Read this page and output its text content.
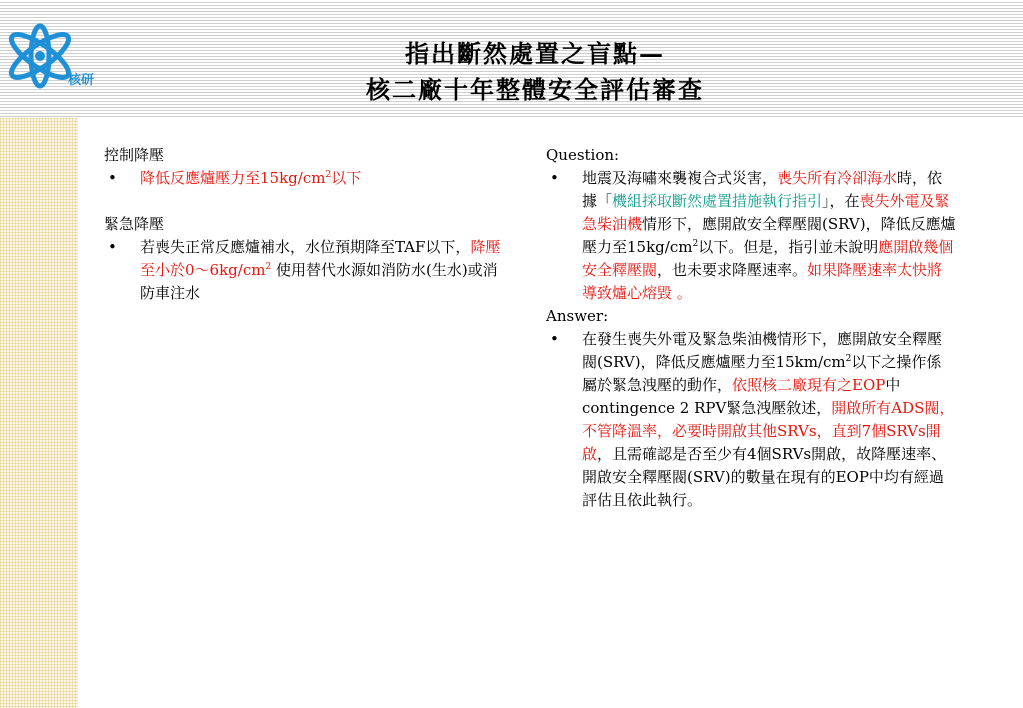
核研
指出斷然處置之盲點—
核二廠十年整體安全評估審查
控制降壓
•	降低反應爐壓力至$15kg/cm^2$以下
緊急降壓
•	若喪失正常反應爐補水，水位預期降至TAF以下，降壓至小於$0\sim 6kg/cm^2$ 使用替代水源如消防水(生水)或消防車注水
Question:
•	地震及海嘯來襲複合式災害，喪失所有冷卻海水時，依據「機組採取斷然處置措施執行指引」，在喪失外電及緊急柴油機情形下，應開啟安全釋壓閥(SRV)，降低反應爐壓力至$15kg/cm^2$以下。但是，指引並未說明應開啟幾個安全釋壓閥，也未要求降壓速率。如果降壓速率太快將導致爐心熔毀 。
Answer:
•	在發生喪失外電及緊急柴油機情形下，應開啟安全釋壓閥(SRV)，降低反應爐壓力至$15km/cm^2$以下之操作係屬於緊急洩壓的動作，依照核二廠現有之EOP中contingence 2 RPV緊急洩壓敘述，開啟所有ADS閥，不管降溫率，必要時開啟其他SRVs，直到7個SRVs開啟，且需確認是否至少有4個SRVs開啟，故降壓速率、開啟安全釋壓閥(SRV)的數量在現有的EOP中均有經過評估且依此執行。
